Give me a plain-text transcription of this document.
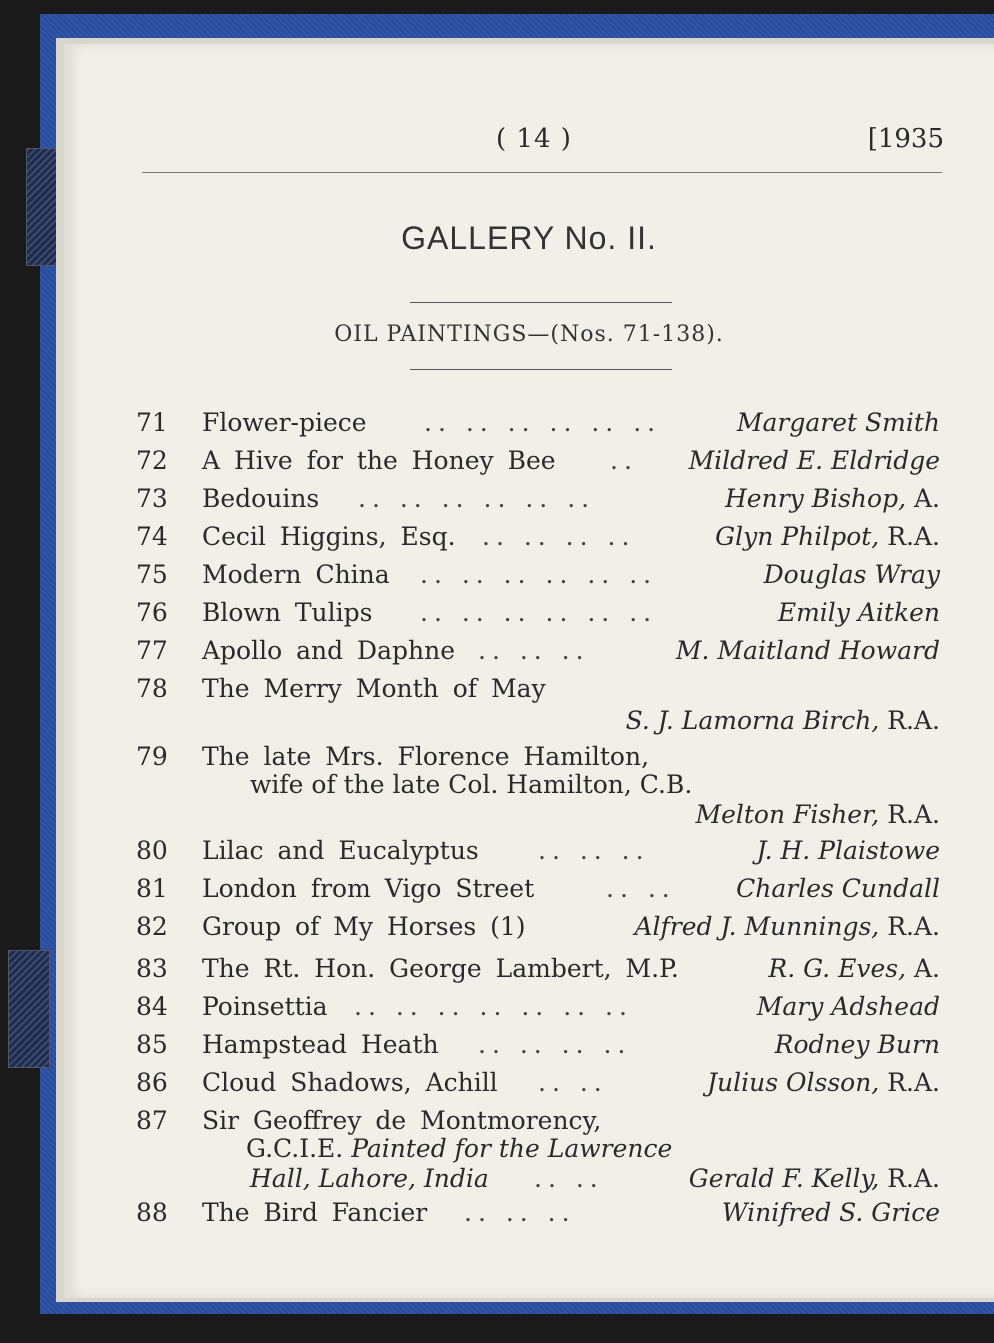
( 14 )	[1935
GALLERY No. II.
OIL PAINTINGS—(Nos. 71-138).
71 Flower-piece .. .. .. .. .. ..	Margaret Smith
72 A Hive for the Honey Bee .. Mildred E. Eldridge
73 Bedouins .. .. .. .. .. ..	Henry Bishop, A.
74 Cecil Higgins, Esq. .. .. .. ..	Glyn Philpot, R.A.
75 Modern China .. .. .. .. .. ..	Douglas Wray
76 Blown Tulips .. .. .. .. .. ..	Emily Aitken
77 Apollo and Daphne .. .. ..	M. Maitland Howard
78 The Merry Month of May
S. J. Lamorna Birch, R.A.
79 The late Mrs. Florence Hamilton,
wife of the late Col. Hamilton, C.B.
Melton Fisher, R.A.
80 Lilac and Eucalyptus .. .. ..	J. H. Plaistowe
81 London from Vigo Street	.. .. Charles Cundall
82 Group of My Horses (1)	Alfred J. Munnings, R.A.
83 The Rt. Hon. George Lambert, M.P.	R. G. Eves, A.
84 Poinsettia .. .. .. .. .. .. ..	Mary Adshead
85 Hampstead Heath .. .. .. ..	Rodney Burn
86 Cloud Shadows, Achill .. ..	Julius Olsson, R.A.
87 Sir Geoffrey de Montmorency,
G.C.I.E. Painted for the Lawrence
Hall, Lahore, India .. ..	Gerald F. Kelly, R.A.
88 The Bird Fancier .. .. ..	Winifred S. Grice
